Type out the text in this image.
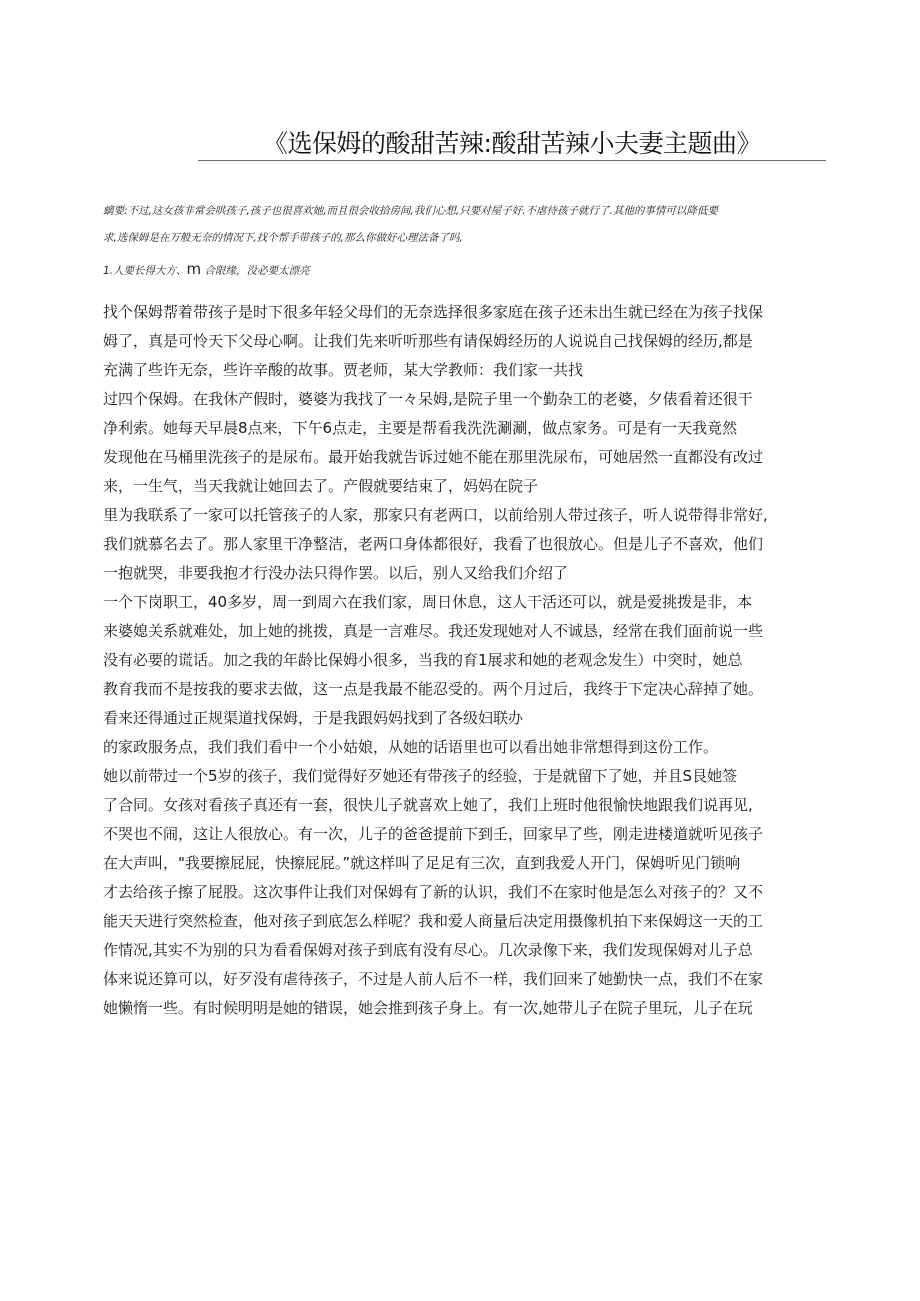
《选保姆的酸甜苦辣:酸甜苦辣小夫妻主题曲》
螭要:不过,这女孩非常会哄孩子,孩子也很喜欢她,而且很会收拾房间,我们心想,只要对屋子好.不虐待孩子就行了.其他的事情可以降低要
求,选保姆是在万般无奈的情况下,找个帮手带孩子的,那么你做好心理法备了吗,
1.人要长得大方、m 合限缘，没必要太漂亮
找个保姆帮着带孩子是时下很多年轻父母们的无奈选择很多家庭在孩子还未出生就已经在为孩子找保
姆了，真是可怜天下父母心啊。让我们先来听听那些有请保姆经历的人说说自己找保姆的经历,都是
充满了些许无奈，些许辛酸的故事。贾老师，某大学教师：我们家一共找
过四个保姆。在我休产假时，婆婆为我找了一々呆姆,是院子里一个勤杂工的老婆，夕俵看着还很干
净利索。她每天早晨8点来，下午6点走，主要是帮看我洗洗涮涮，做点家务。可是有一天我竟然
发现他在马桶里洗孩子的是尿布。最开始我就告诉过她不能在那里洗尿布，可她居然一直都没有改过
来，一生气，当天我就让她回去了。产假就要结束了，妈妈在院子
里为我联系了一家可以托管孩子的人家，那家只有老两口，以前给别人带过孩子，听人说带得非常好,
我们就慕名去了。那人家里干净整洁，老两口身体都很好，我看了也很放心。但是儿子不喜欢，他们
一抱就哭，非要我抱才行没办法只得作罢。以后，别人又给我们介绍了
一个下岗职工，40多岁，周一到周六在我们家，周日休息，这人干活还可以，就是爱挑拨是非，本
来婆媳关系就难处，加上她的挑拨，真是一言难尽。我还发现她对人不诚恳，经常在我们面前说一些
没有必要的谎话。加之我的年龄比保姆小很多，当我的育1展求和她的老观念发生）中突时，她总
教育我而不是按我的要求去做，这一点是我最不能忍受的。两个月过后，我终于下定决心辞掉了她。
看来还得通过正规渠道找保姆，于是我跟妈妈找到了各级妇联办
的家政服务点，我们我们看中一个小姑娘，从她的话语里也可以看出她非常想得到这份工作。
她以前带过一个5岁的孩子，我们觉得好歹她还有带孩子的经验，于是就留下了她，并且S艮她签
了合同。女孩对看孩子真还有一套，很快儿子就喜欢上她了，我们上班时他很愉快地跟我们说再见,
不哭也不闹，这让人很放心。有一次，儿子的爸爸提前下到壬，回家早了些，刚走进楼道就听见孩子
在大声叫，"我要擦屁屁，快擦屁屁。”就这样叫了足足有三次，直到我爱人开门，保姆听见门锁响
才去给孩子擦了屁股。这次事件让我们对保姆有了新的认识，我们不在家时他是怎么对孩子的？又不
能天天进行突然检查，他对孩子到底怎么样呢？我和爱人商量后决定用摄像机拍下来保姆这一天的工
作情况,其实不为别的只为看看保姆对孩子到底有没有尽心。几次录像下来，我们发现保姆对儿子总
体来说还算可以，好歹没有虐待孩子，不过是人前人后不一样，我们回来了她勤快一点，我们不在家
她懒惰一些。有时候明明是她的错误，她会推到孩子身上。有一次,她带儿子在院子里玩，儿子在玩
